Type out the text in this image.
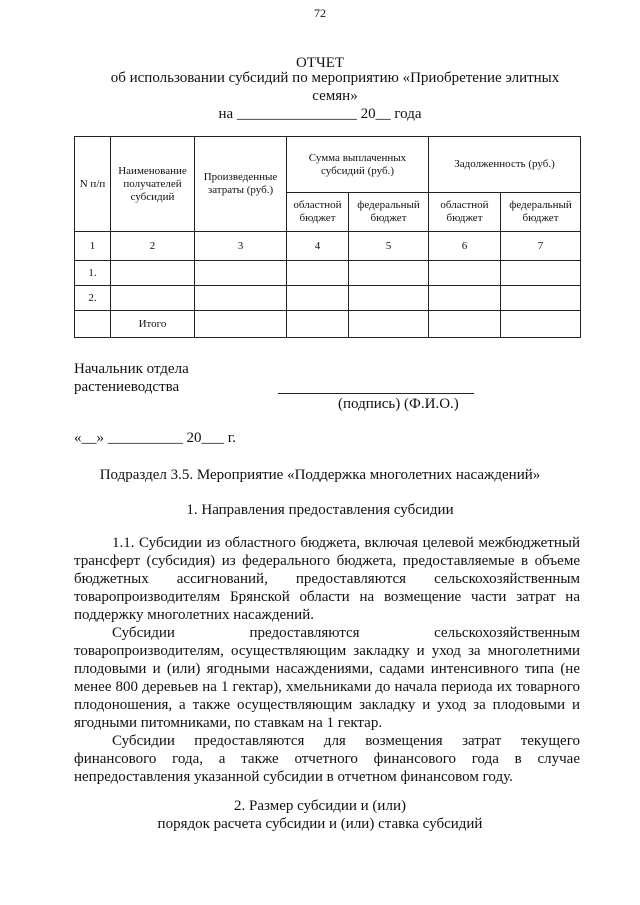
72
ОТЧЕТ
об использовании субсидий по мероприятию «Приобретение элитных семян»
на ________________ 20__ года
N п/п	Наименование получателей субсидий	Произведенные затраты (руб.)	Сумма выплаченных субсидий (руб.)		Задолженность (руб.)	
			областной бюджет	федеральный бюджет	областной бюджет	федеральный бюджет
1	2	3	4	5	6	7
1.						
2.						
	Итого					
Начальник отдела растениеводства
(подпись) (Ф.И.О.)
«__» __________ 20___ г.
Подраздел 3.5. Мероприятие «Поддержка многолетних насаждений»
1. Направления предоставления субсидии

1.1. Субсидии из областного бюджета, включая целевой межбюджетный трансферт (субсидия) из федерального бюджета, предоставляемые в объеме бюджетных ассигнований, предоставляются сельскохозяйственным товаропроизводителям Брянской области на возмещение части затрат на поддержку многолетних насаждений.

Субсидии предоставляются сельскохозяйственным товаропроизводителям, осуществляющим закладку и уход за многолетними плодовыми и (или) ягодными насаждениями, садами интенсивного типа (не менее 800 деревьев на 1 гектар), хмельниками до начала периода их товарного плодоношения, а также осуществляющим закладку и уход за плодовыми и ягодными питомниками, по ставкам на 1 гектар.

Субсидии предоставляются для возмещения затрат текущего финансового года, а также отчетного финансового года в случае непредоставления указанной субсидии в отчетном финансовом году.

2. Размер субсидии и (или)
порядок расчета субсидии и (или) ставка субсидий
